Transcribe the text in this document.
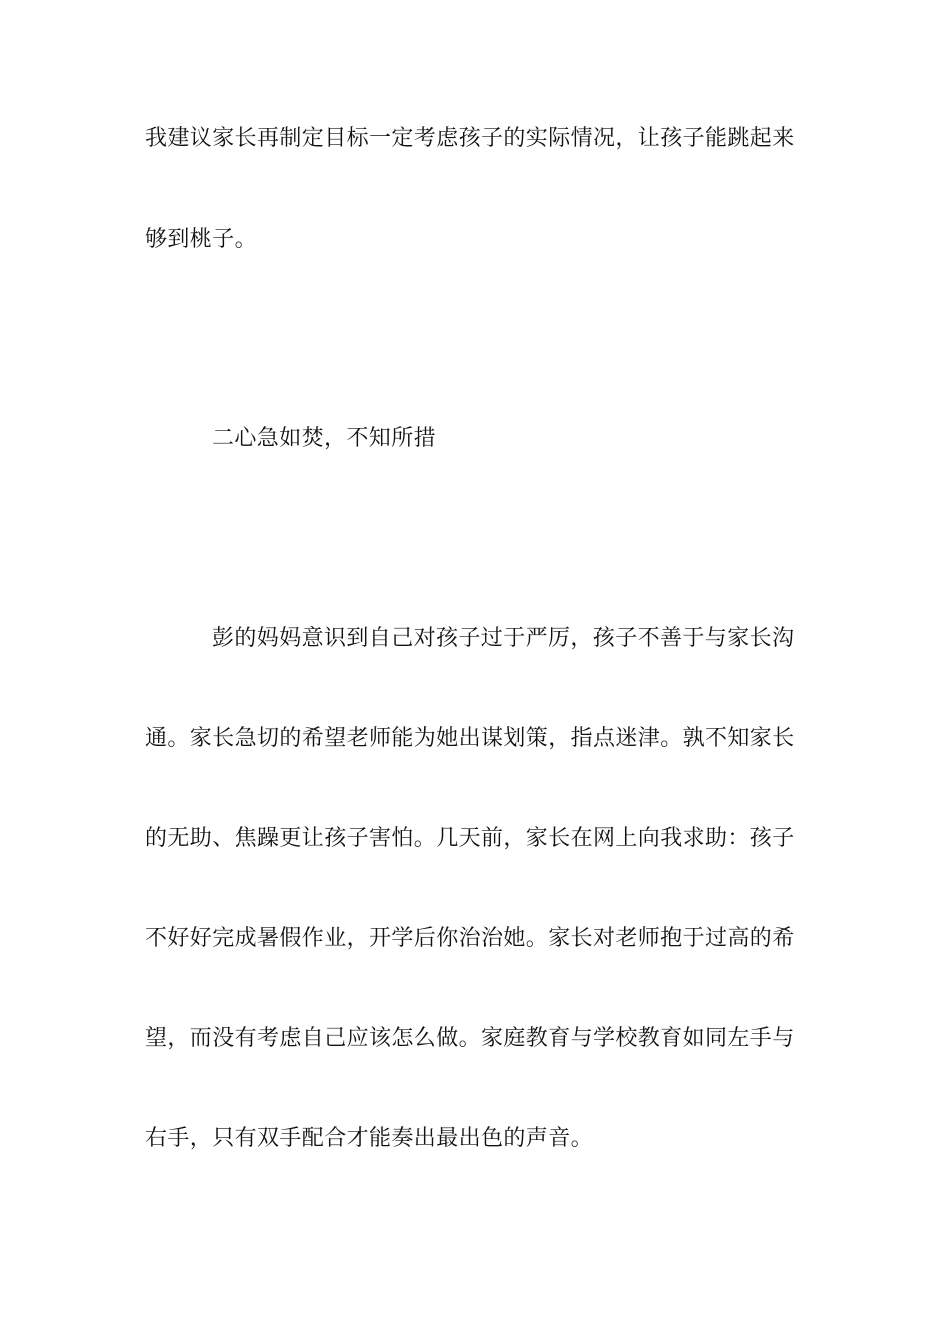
我建议家长再制定目标一定考虑孩子的实际情况，让孩子能跳起来
够到桃子。
二心急如焚，不知所措
彭的妈妈意识到自己对孩子过于严厉，孩子不善于与家长沟
通。家长急切的希望老师能为她出谋划策，指点迷津。孰不知家长
的无助、焦躁更让孩子害怕。几天前，家长在网上向我求助：孩子
不好好完成暑假作业，开学后你治治她。家长对老师抱于过高的希
望，而没有考虑自己应该怎么做。家庭教育与学校教育如同左手与
右手，只有双手配合才能奏出最出色的声音。
